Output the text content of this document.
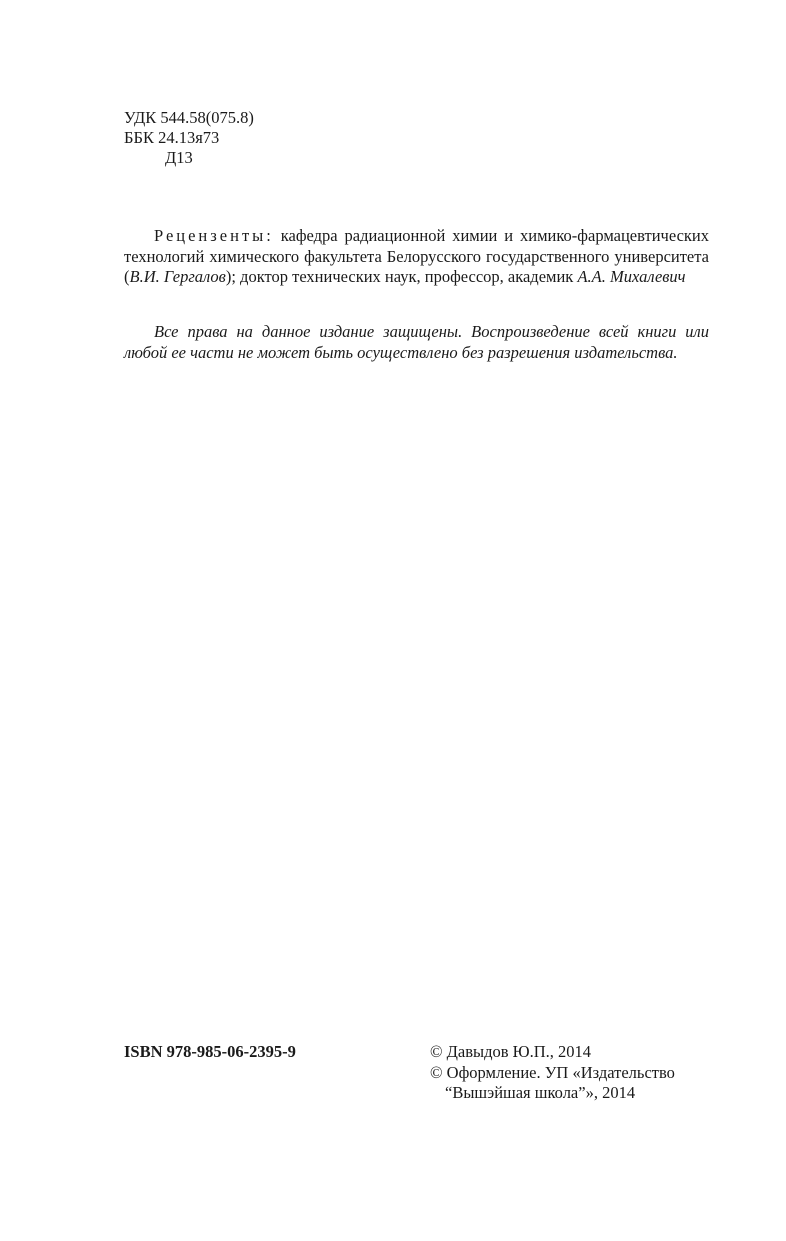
УДК 544.58(075.8)
ББК 24.13я73
Д13
Рецензенты: кафедра радиационной химии и химико-фармацевтических технологий химического факультета Белорусского государственного университета (В.И. Гергалов); доктор технических наук, профессор, академик А.А. Михалевич
Все права на данное издание защищены. Воспроизведение всей книги или любой ее части не может быть осуществлено без разрешения издательства.
ISBN 978-985-06-2395-9	© Давыдов Ю.П., 2014
© Оформление. УП «Издательство
“Вышэйшая школа”», 2014
